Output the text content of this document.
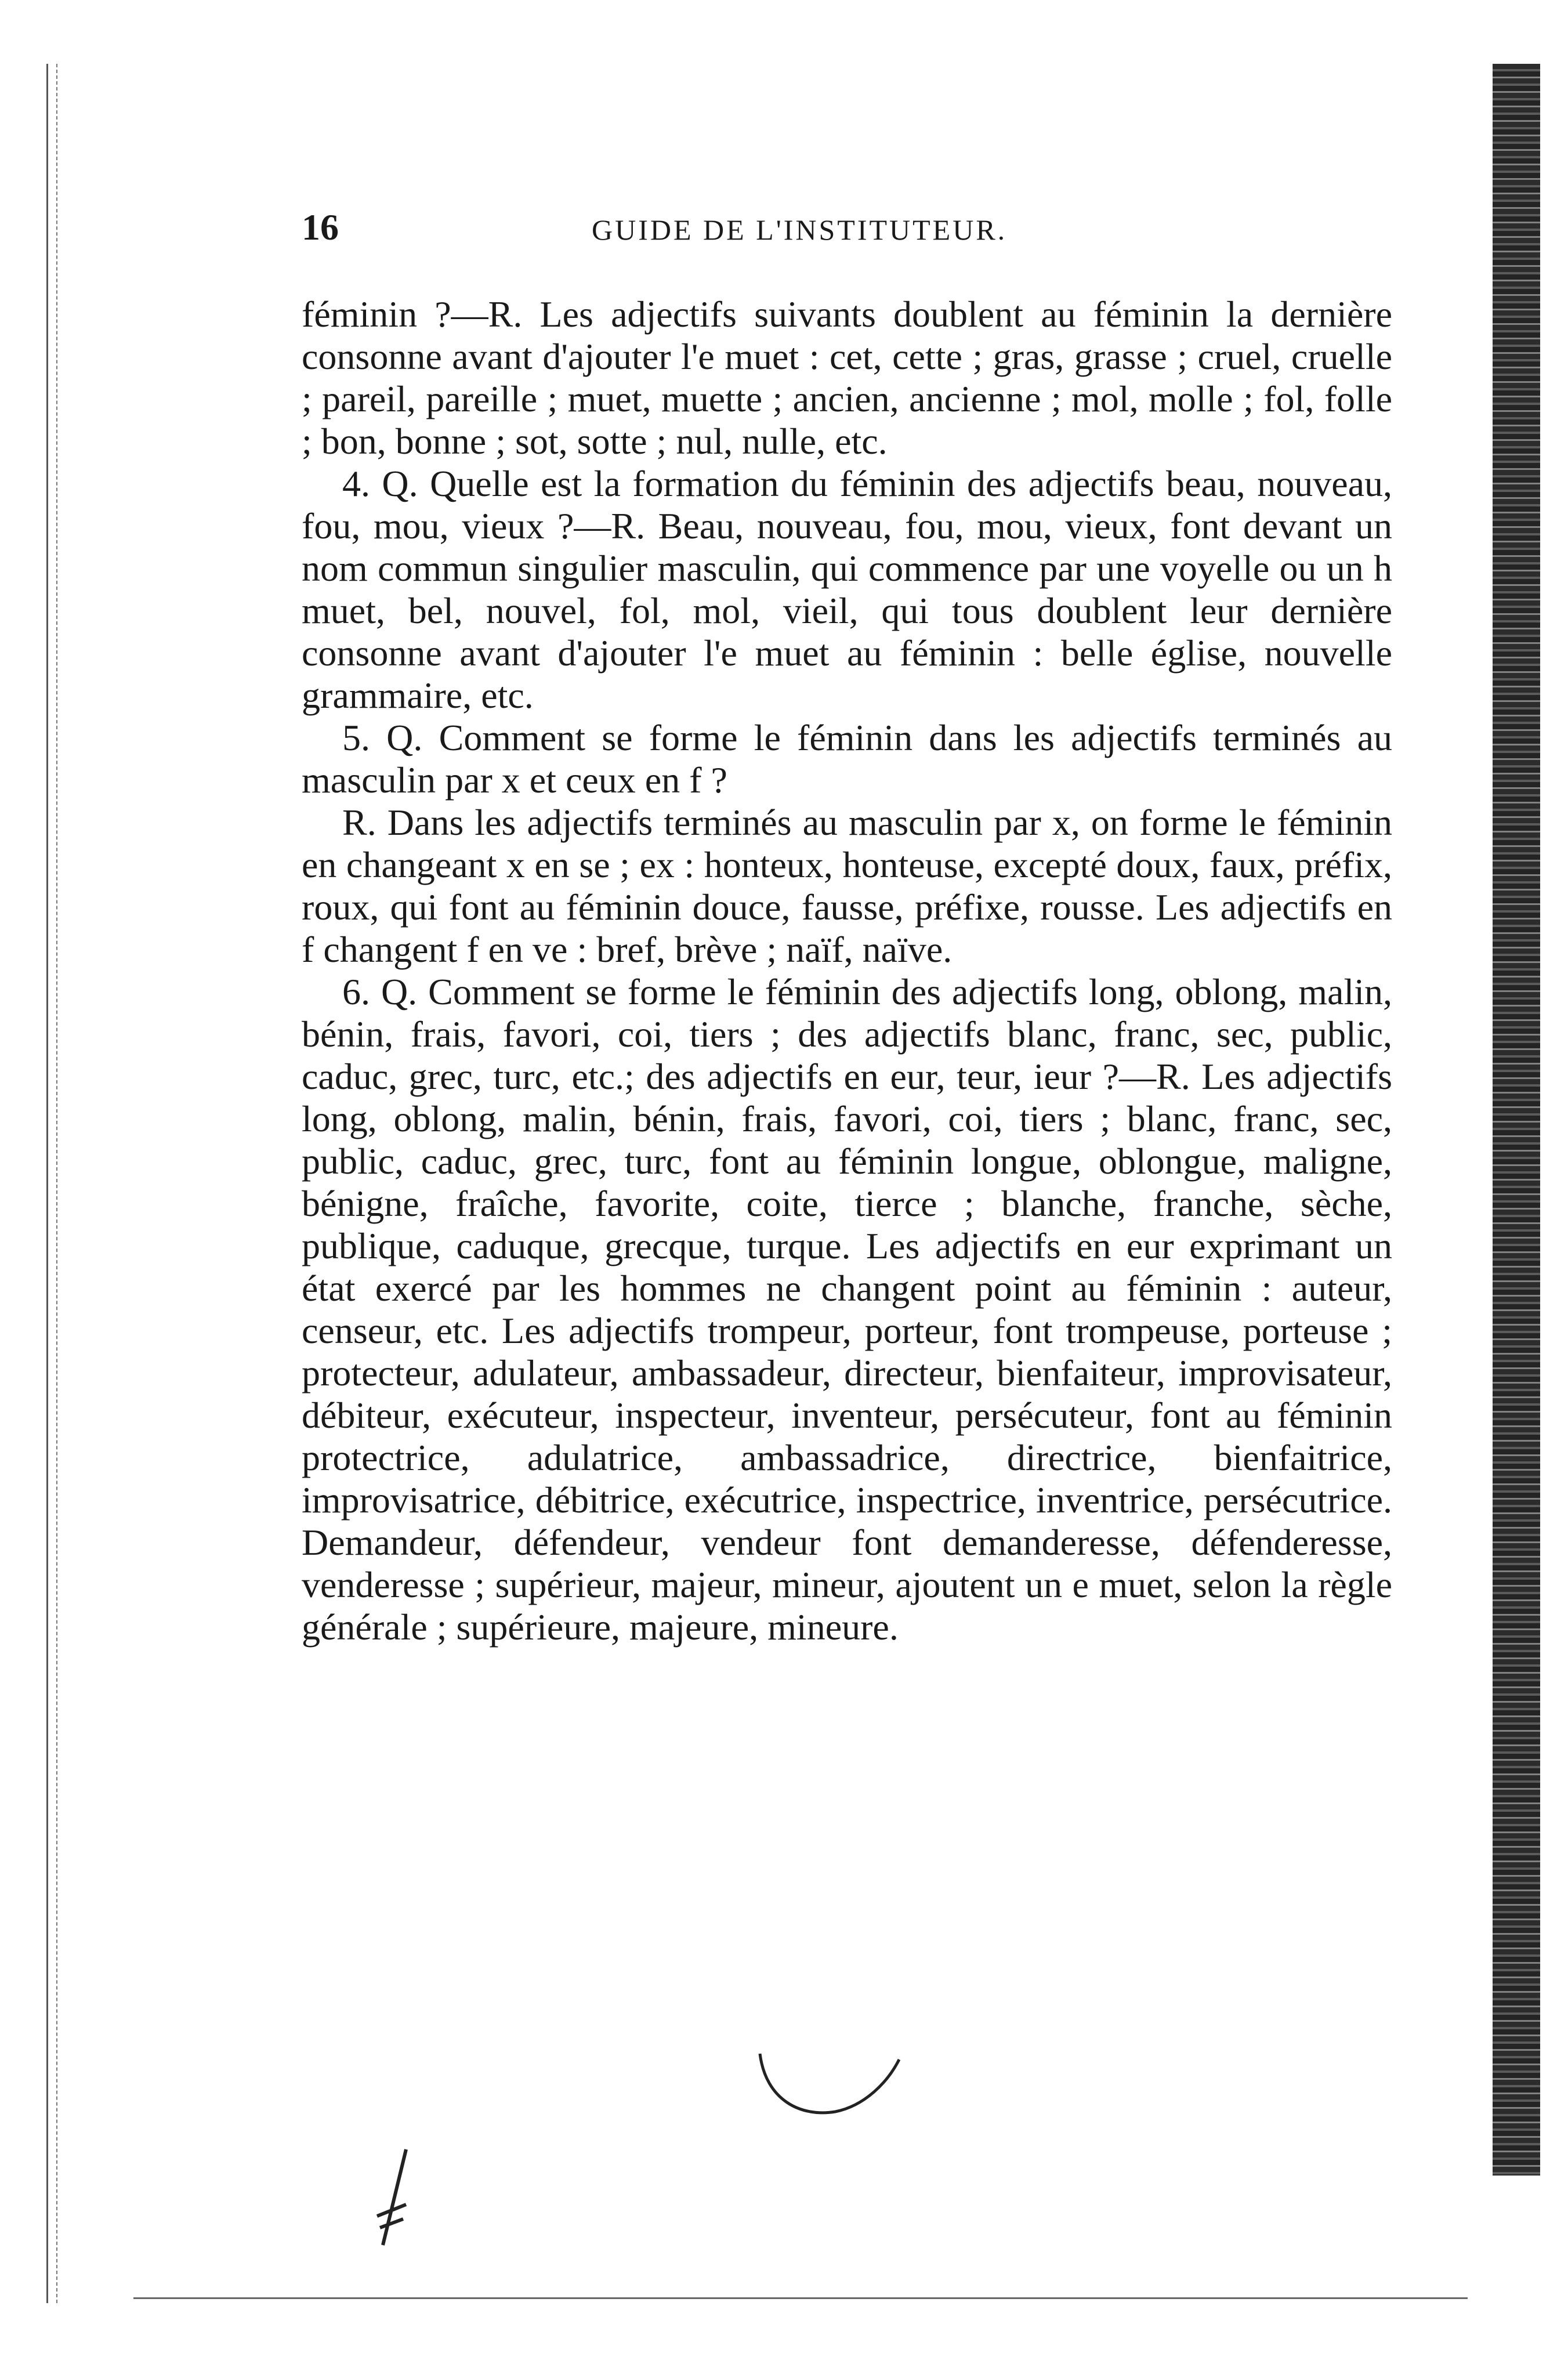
16	GUIDE DE L'INSTITUTEUR.

féminin ?—R. Les adjectifs suivants doublent au féminin la dernière consonne avant d'ajouter l'e muet : cet, cette ; gras, grasse ; cruel, cruelle ; pareil, pareille ; muet, muette ; ancien, ancienne ; mol, molle ; fol, folle ; bon, bonne ; sot, sotte ; nul, nulle, etc.

4. Q. Quelle est la formation du féminin des adjectifs beau, nouveau, fou, mou, vieux ?—R. Beau, nouveau, fou, mou, vieux, font devant un nom commun singulier masculin, qui commence par une voyelle ou un h muet, bel, nouvel, fol, mol, vieil, qui tous doublent leur dernière consonne avant d'ajouter l'e muet au féminin : belle église, nouvelle grammaire, etc.

5. Q. Comment se forme le féminin dans les adjectifs terminés au masculin par x et ceux en f ?

R. Dans les adjectifs terminés au masculin par x, on forme le féminin en changeant x en se ; ex : honteux, honteuse, excepté doux, faux, préfix, roux, qui font au féminin douce, fausse, préfixe, rousse. Les adjectifs en f changent f en ve : bref, brève ; naïf, naïve.

6. Q. Comment se forme le féminin des adjectifs long, oblong, malin, bénin, frais, favori, coi, tiers ; des adjectifs blanc, franc, sec, public, caduc, grec, turc, etc.; des adjectifs en eur, teur, ieur ?—R. Les adjectifs long, oblong, malin, bénin, frais, favori, coi, tiers ; blanc, franc, sec, public, caduc, grec, turc, font au féminin longue, oblongue, maligne, bénigne, fraîche, favorite, coite, tierce ; blanche, franche, sèche, publique, caduque, grecque, turque. Les adjectifs en eur exprimant un état exercé par les hommes ne changent point au féminin : auteur, censeur, etc. Les adjectifs trompeur, porteur, font trompeuse, porteuse ; protecteur, adulateur, ambassadeur, directeur, bienfaiteur, improvisateur, débiteur, exécuteur, inspecteur, inventeur, persécuteur, font au féminin protectrice, adulatrice, ambassadrice, directrice, bienfaitrice, improvisatrice, débitrice, exécutrice, inspectrice, inventrice, persécutrice. Demandeur, défendeur, vendeur font demanderesse, défenderesse, venderesse ; supérieur, majeur, mineur, ajoutent un e muet, selon la règle générale ; supérieure, majeure, mineure.
